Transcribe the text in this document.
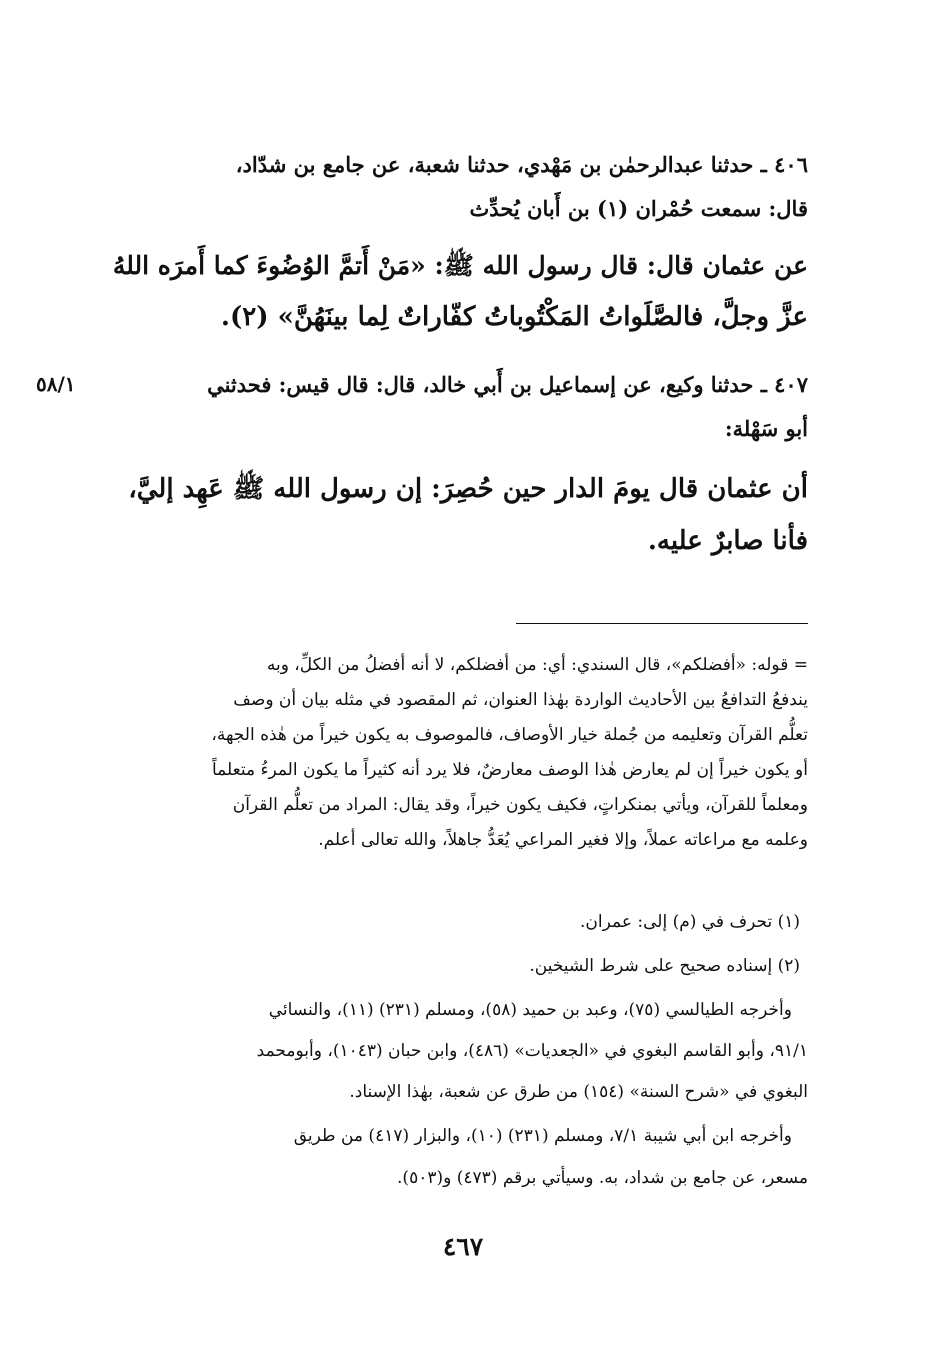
٤٠٦ ـ حدثنا عبدالرحمٰن بن مَهْدي، حدثنا شعبة، عن جامع بن شدّاد،
قال: سمعت حُمْران (١) بن أَبان يُحدِّث
عن عثمان قال: قال رسول الله ﷺ: «مَنْ أَتمَّ الوُضُوءَ كما أَمرَه اللهُ
عزَّ وجلَّ، فالصَّلَواتُ المَكْتُوباتُ كفّاراتٌ لِما بينَهُنَّ» (٢).
٥٨/١	٤٠٧ ـ حدثنا وكيع، عن إسماعيل بن أَبي خالد، قال: قال قيس: فحدثني
أبو سَهْلة:
أن عثمان قال يومَ الدار حين حُصِرَ: إن رسول الله ﷺ عَهِد إليَّ،
فأنا صابرٌ عليه.
= قوله: «أفضلكم»، قال السندي: أي: من أفضلكم، لا أنه أفضلُ من الكلِّ، وبه
يندفعُ التدافعُ بين الأحاديث الواردة بهٰذا العنوان، ثم المقصود في مثله بيان أن وصف
تعلُّم القرآن وتعليمه من جُملة خيار الأوصاف، فالموصوف به يكون خيراً من هٰذه الجهة،
أو يكون خيراً إن لم يعارض هٰذا الوصف معارضٌ، فلا يرد أنه كثيراً ما يكون المرءُ متعلماً
ومعلماً للقرآن، ويأتي بمنكراتٍ، فكيف يكون خيراً، وقد يقال: المراد من تعلُّم القرآن
وعلمه مع مراعاته عملاً، وإلا فغير المراعي يُعَدُّ جاهلاً، والله تعالى أعلم.
(١) تحرف في (م) إلى: عمران.
(٢) إسناده صحيح على شرط الشيخين.
وأخرجه الطيالسي (٧٥)، وعبد بن حميد (٥٨)، ومسلم (٢٣١) (١١)، والنسائي
٩١/١، وأبو القاسم البغوي في «الجعديات» (٤٨٦)، وابن حبان (١٠٤٣)، وأبومحمد
البغوي في «شرح السنة» (١٥٤) من طرق عن شعبة، بهٰذا الإسناد.
وأخرجه ابن أبي شيبة ٧/١، ومسلم (٢٣١) (١٠)، والبزار (٤١٧) من طريق
مسعر، عن جامع بن شداد، به. وسيأتي برقم (٤٧٣) و(٥٠٣).
٤٦٧
